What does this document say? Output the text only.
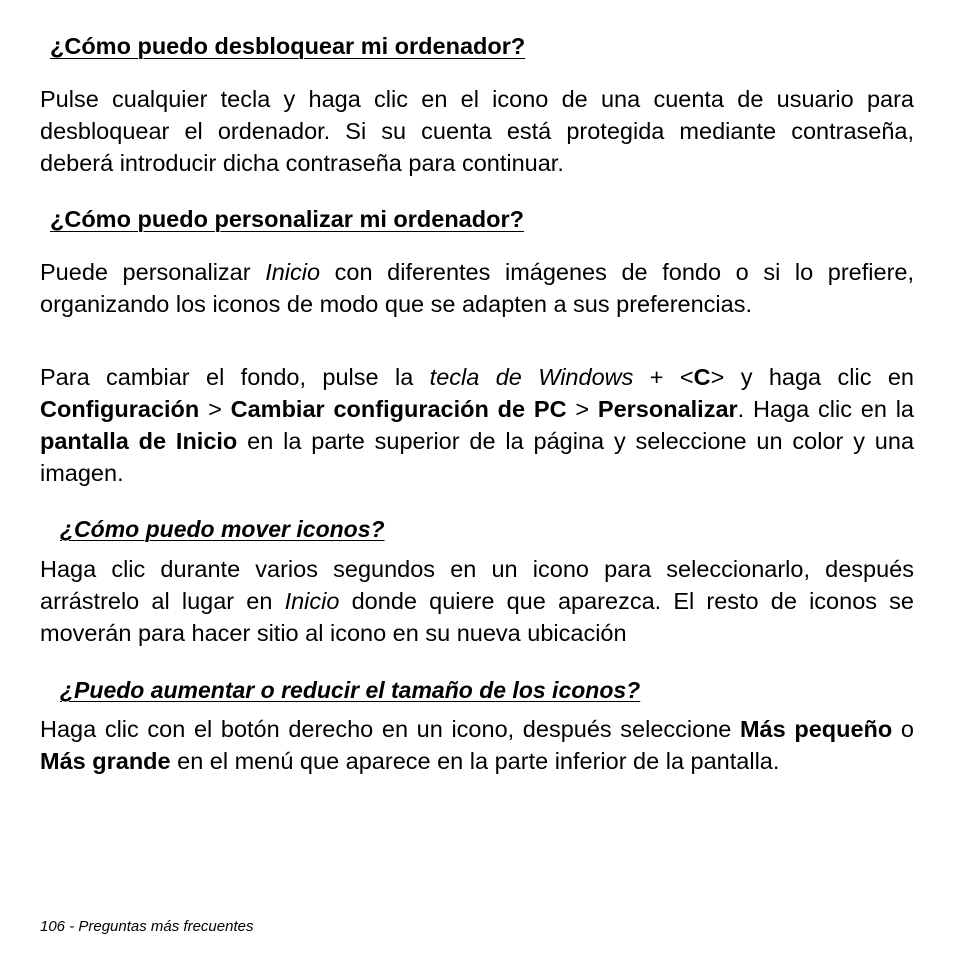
¿Cómo puedo desbloquear mi ordenador?

Pulse cualquier tecla y haga clic en el icono de una cuenta de usuario para desbloquear el ordenador. Si su cuenta está protegida mediante contraseña, deberá introducir dicha contraseña para continuar.

¿Cómo puedo personalizar mi ordenador?

Puede personalizar Inicio con diferentes imágenes de fondo o si lo prefiere, organizando los iconos de modo que se adapten a sus preferencias.

Para cambiar el fondo, pulse la tecla de Windows + <C> y haga clic en Configuración > Cambiar configuración de PC > Personalizar. Haga clic en la pantalla de Inicio en la parte superior de la página y seleccione un color y una imagen.

¿Cómo puedo mover iconos?

Haga clic durante varios segundos en un icono para seleccionarlo, después arrástrelo al lugar en Inicio donde quiere que aparezca. El resto de iconos se moverán para hacer sitio al icono en su nueva ubicación

¿Puedo aumentar o reducir el tamaño de los iconos?

Haga clic con el botón derecho en un icono, después seleccione Más pequeño o Más grande en el menú que aparece en la parte inferior de la pantalla.

106 - Preguntas más frecuentes
